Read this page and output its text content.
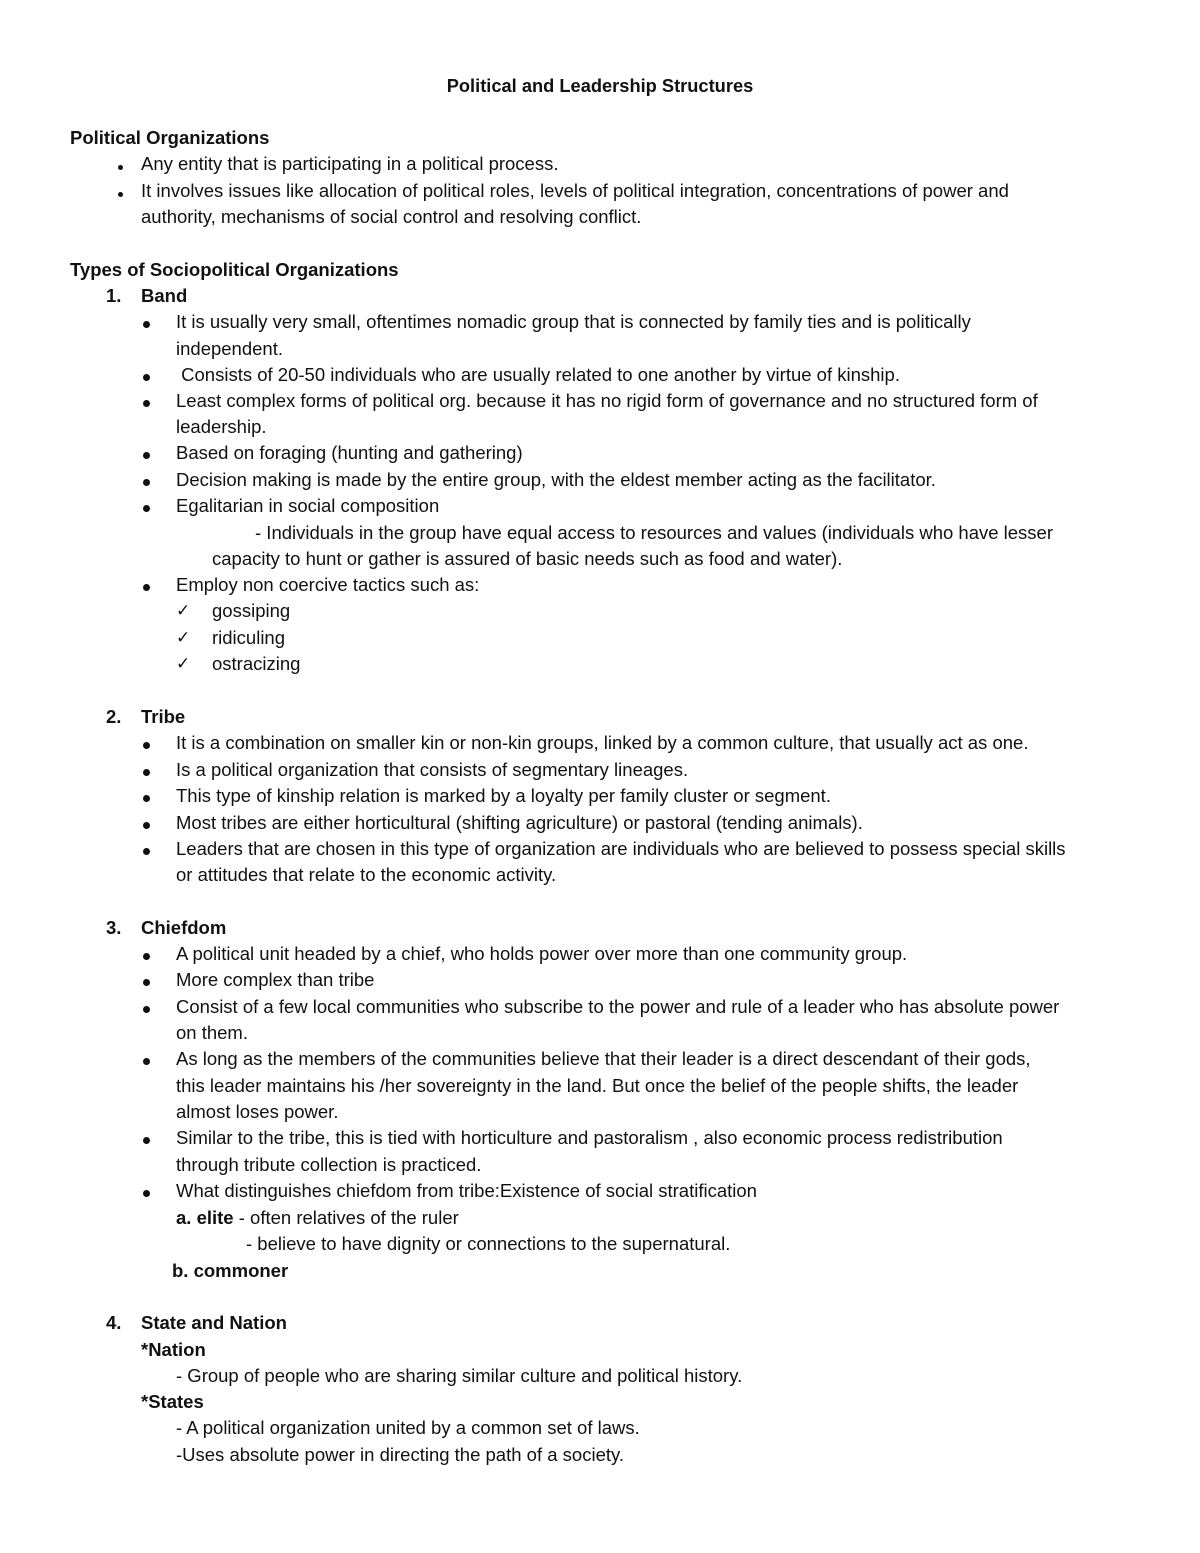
Political and Leadership Structures
Political Organizations
Any entity that is participating in a political process.
It involves issues like allocation of political roles, levels of political integration, concentrations of power and
authority, mechanisms of social control and resolving conflict.
Types of Sociopolitical Organizations
1. Band
It is usually very small, oftentimes nomadic group that is connected by family ties and is politically
independent.
Consists of 20-50 individuals who are usually related to one another by virtue of kinship.
Least complex forms of political org. because it has no rigid form of governance and no structured form of
leadership.
Based on foraging (hunting and gathering)
Decision making is made by the entire group, with the eldest member acting as the facilitator.
Egalitarian in social composition
- Individuals in the group have equal access to resources and values (individuals who have lesser
capacity to hunt or gather is assured of basic needs such as food and water).
Employ non coercive tactics such as:
✓ gossiping
✓ ridiculing
✓ ostracizing
2. Tribe
It is a combination on smaller kin or non-kin groups, linked by a common culture, that usually act as one.
Is a political organization that consists of segmentary lineages.
This type of kinship relation is marked by a loyalty per family cluster or segment.
Most tribes are either horticultural (shifting agriculture) or pastoral (tending animals).
Leaders that are chosen in this type of organization are individuals who are believed to possess special skills
or attitudes that relate to the economic activity.
3. Chiefdom
A political unit headed by a chief, who holds power over more than one community group.
More complex than tribe
Consist of a few local communities who subscribe to the power and rule of a leader who has absolute power
on them.
As long as the members of the communities believe that their leader is a direct descendant of their gods,
this leader maintains his /her sovereignty in the land. But once the belief of the people shifts, the leader
almost loses power.
Similar to the tribe, this is tied with horticulture and pastoralism , also economic process redistribution
through tribute collection is practiced.
What distinguishes chiefdom from tribe:Existence of social stratification
a. elite - often relatives of the ruler
- believe to have dignity or connections to the supernatural.
b. commoner
4. State and Nation
*Nation
- Group of people who are sharing similar culture and political history.
*States
- A political organization united by a common set of laws.
-Uses absolute power in directing the path of a society.
